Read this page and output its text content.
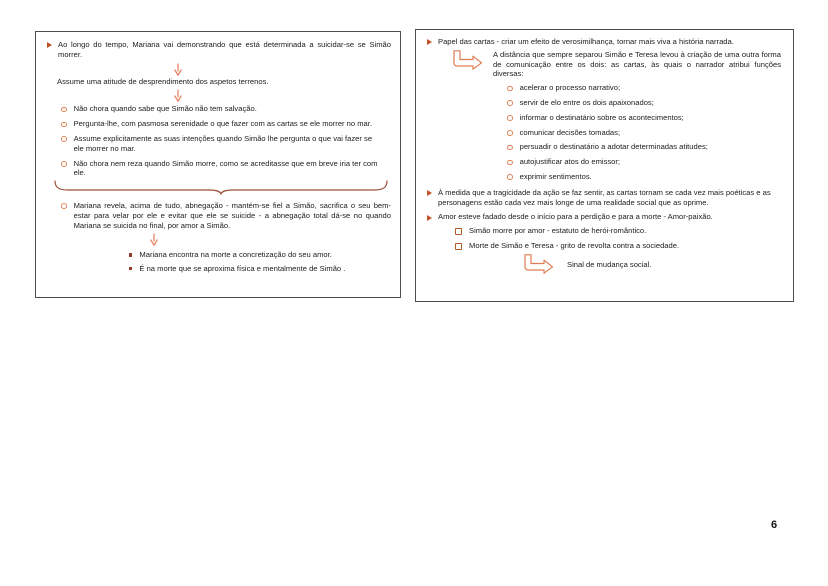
Ao longo do tempo, Mariana vai demonstrando que está determinada a suicidar-se se Simão morrer.
Assume uma atitude de desprendimento dos aspetos terrenos.
Não chora quando sabe que Simão não tem salvação.
Pergunta-lhe, com pasmosa serenidade o que fazer com as cartas se ele morrer no mar.
Assume explicitamente as suas intenções quando Simão lhe pergunta o que vai fazer se ele morrer no mar.
Não chora nem reza quando Simão morre, como se acreditasse que em breve iria ter com ele.
Mariana revela, acima de tudo, abnegação - mantém-se fiel a Simão, sacrifica o seu bem-estar para velar por ele e evitar que ele se suicide - a abnegação total dá-se no quando Mariana se suicida no final, por amor a Simão.
Mariana encontra na morte a concretização do seu amor.
É na morte que se aproxima física e mentalmente de Simão .
Papel das cartas - criar um efeito de verosimilhança, tornar mais viva a história narrada.
A distância que sempre separou Simão e Teresa levou à criação de uma outra forma de comunicação entre os dois: as cartas, às quais o narrador atribui funções diversas:
acelerar o processo narrativo;
servir de elo entre os dois apaixonados;
informar o destinatário sobre os acontecimentos;
comunicar decisões tomadas;
persuadir o destinatário a adotar determinadas atitudes;
autojustificar atos do emissor;
exprimir sentimentos.
À medida que a tragicidade da ação se faz sentir, as cartas tornam se cada vez mais poéticas e as personagens estão cada vez mais longe de uma realidade social que as oprime.
Amor esteve fadado desde o início para a perdição e para a morte - Amor-paixão.
Simão morre por amor - estatuto de herói-romântico.
Morte de Simão e Teresa - grito de revolta contra a sociedade.
Sinal de mudança social.
6
